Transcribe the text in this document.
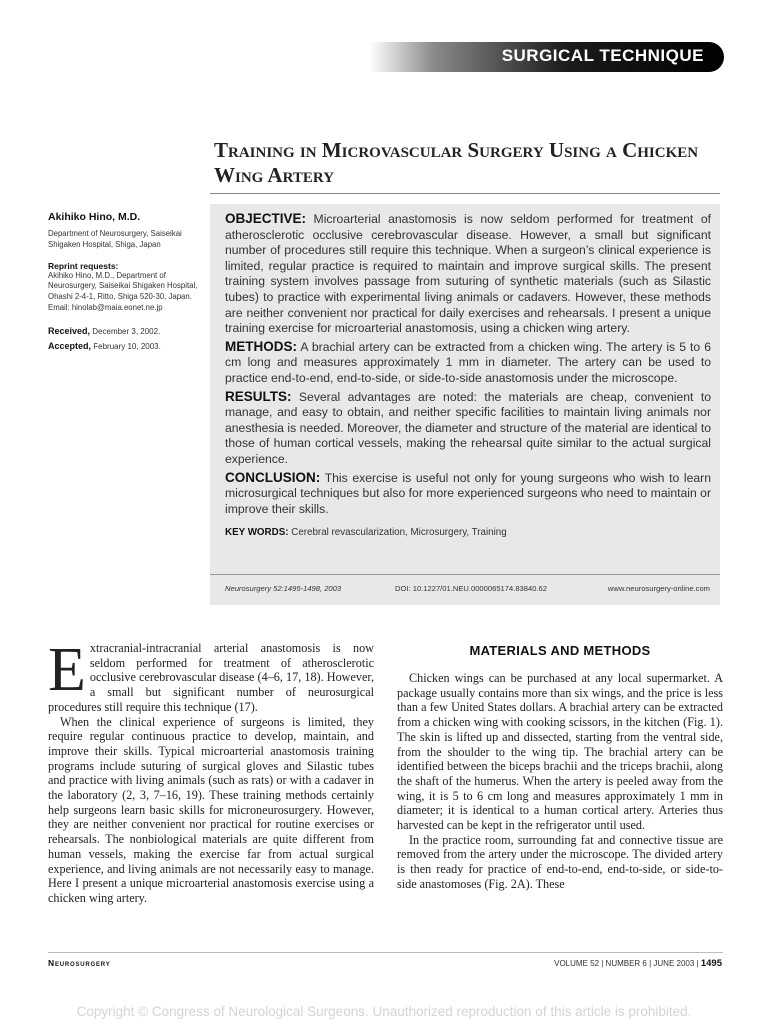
SURGICAL TECHNIQUE
Training in Microvascular Surgery Using a Chicken Wing Artery
Akihiko Hino, M.D.
Department of Neurosurgery, Saiseikai Shigaken Hospital, Shiga, Japan
Reprint requests:
Akihiko Hino, M.D., Department of Neurosurgery, Saiseikai Shigaken Hospital, Ohashi 2-4-1, Ritto, Shiga 520-30, Japan.
Email: hinolab@maia.eonet.ne.jp
Received, December 3, 2002.
Accepted, February 10, 2003.

OBJECTIVE: Microarterial anastomosis is now seldom performed for treatment of atherosclerotic occlusive cerebrovascular disease. However, a small but significant number of procedures still require this technique. When a surgeon’s clinical experience is limited, regular practice is required to maintain and improve surgical skills. The present training system involves passage from suturing of synthetic materials (such as Silastic tubes) to practice with experimental living animals or cadavers. However, these methods are neither convenient nor practical for daily exercises and rehearsals. I present a unique training exercise for microarterial anastomosis, using a chicken wing artery.

METHODS: A brachial artery can be extracted from a chicken wing. The artery is 5 to 6 cm long and measures approximately 1 mm in diameter. The artery can be used to practice end-to-end, end-to-side, or side-to-side anastomosis under the microscope.

RESULTS: Several advantages are noted: the materials are cheap, convenient to manage, and easy to obtain, and neither specific facilities to maintain living animals nor anesthesia is needed. Moreover, the diameter and structure of the material are identical to those of human cortical vessels, making the rehearsal quite similar to the actual surgical experience.

CONCLUSION: This exercise is useful not only for young surgeons who wish to learn microsurgical techniques but also for more experienced surgeons who need to maintain or improve their skills.

KEY WORDS: Cerebral revascularization, Microsurgery, Training

Neurosurgery 52:1495-1498, 2003	DOI: 10.1227/01.NEU.0000065174.83840.62	www.neurosurgery-online.com
Extracranial-intracranial arterial anastomosis is now seldom performed for treatment of atherosclerotic occlusive cerebrovascular disease (4–6, 17, 18). However, a small but significant number of neurosurgical procedures still require this technique (17).
When the clinical experience of surgeons is limited, they require regular continuous practice to develop, maintain, and improve their skills. Typical microarterial anastomosis training programs include suturing of surgical gloves and Silastic tubes and practice with living animals (such as rats) or with a cadaver in the laboratory (2, 3, 7–16, 19). These training methods certainly help surgeons learn basic skills for microneurosurgery. However, they are neither convenient nor practical for routine exercises or rehearsals. The nonbiological materials are quite different from human vessels, making the exercise far from actual surgical experience, and living animals are not necessarily easy to manage. Here I present a unique microarterial anastomosis exercise using a chicken wing artery.
MATERIALS AND METHODS
Chicken wings can be purchased at any local supermarket. A package usually contains more than six wings, and the price is less than a few United States dollars. A brachial artery can be extracted from a chicken wing with cooking scissors, in the kitchen (Fig. 1). The skin is lifted up and dissected, starting from the ventral side, from the shoulder to the wing tip. The brachial artery can be identified between the biceps brachii and the triceps brachii, along the shaft of the humerus. When the artery is peeled away from the wing, it is 5 to 6 cm long and measures approximately 1 mm in diameter; it is identical to a human cortical artery. Arteries thus harvested can be kept in the refrigerator until used.
In the practice room, surrounding fat and connective tissue are removed from the artery under the microscope. The divided artery is then ready for practice of end-to-end, end-to-side, or side-to-side anastomoses (Fig. 2A). These
Neurosurgery	VOLUME 52 | NUMBER 6 | JUNE 2003 | 1495
Copyright © Congress of Neurological Surgeons. Unauthorized reproduction of this article is prohibited.
